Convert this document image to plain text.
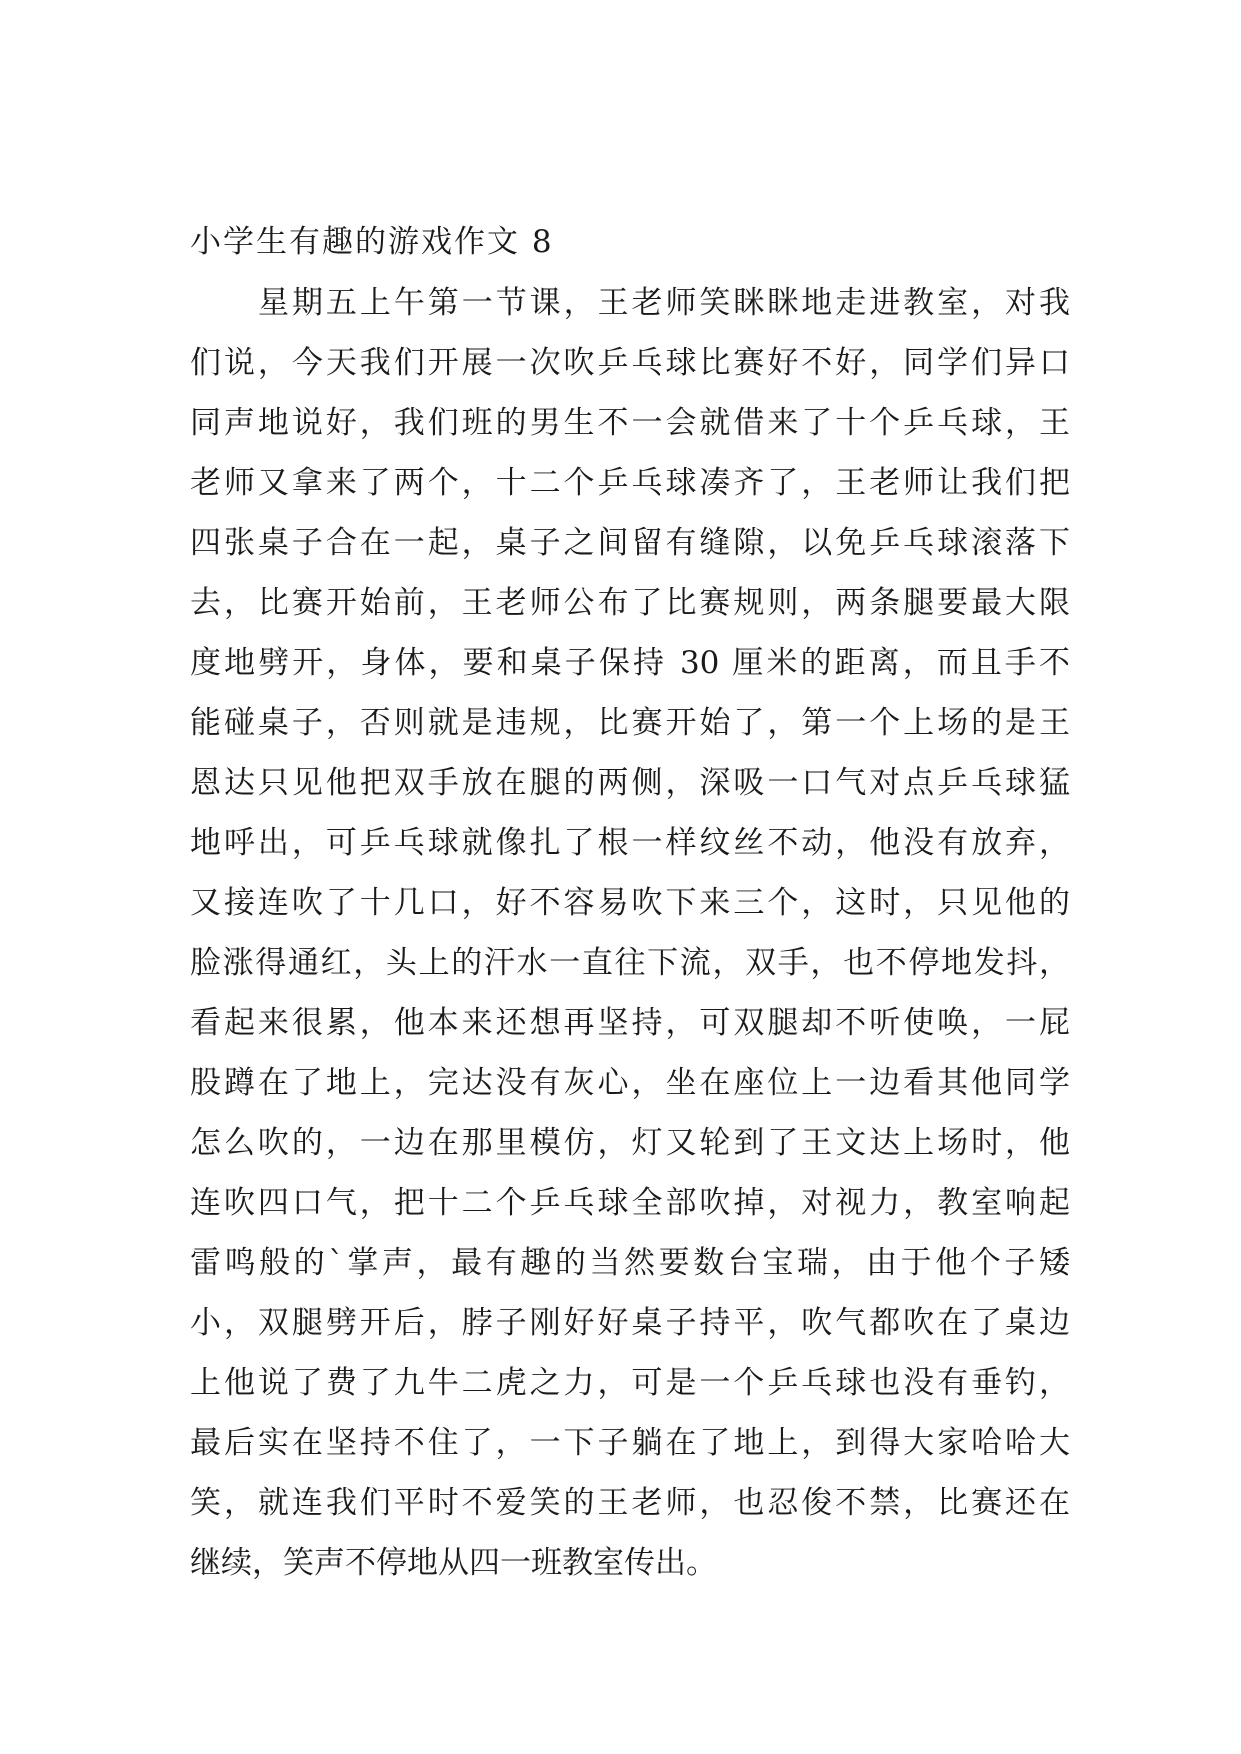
小学生有趣的游戏作文 8
星期五上午第一节课，王老师笑眯眯地走进教室，对我
们说，今天我们开展一次吹乒乓球比赛好不好，同学们异口
同声地说好，我们班的男生不一会就借来了十个乒乓球，王
老师又拿来了两个，十二个乒乓球凑齐了，王老师让我们把
四张桌子合在一起，桌子之间留有缝隙，以免乒乓球滚落下
去，比赛开始前，王老师公布了比赛规则，两条腿要最大限
度地劈开，身体，要和桌子保持 30 厘米的距离，而且手不
能碰桌子，否则就是违规，比赛开始了，第一个上场的是王
恩达只见他把双手放在腿的两侧，深吸一口气对点乒乓球猛
地呼出，可乒乓球就像扎了根一样纹丝不动，他没有放弃，
又接连吹了十几口，好不容易吹下来三个，这时，只见他的
脸涨得通红，头上的汗水一直往下流，双手，也不停地发抖，
看起来很累，他本来还想再坚持，可双腿却不听使唤，一屁
股蹲在了地上，完达没有灰心，坐在座位上一边看其他同学
怎么吹的，一边在那里模仿，灯又轮到了王文达上场时，他
连吹四口气，把十二个乒乓球全部吹掉，对视力，教室响起
雷鸣般的`掌声，最有趣的当然要数台宝瑞，由于他个子矮
小，双腿劈开后，脖子刚好好桌子持平，吹气都吹在了桌边
上他说了费了九牛二虎之力，可是一个乒乓球也没有垂钓，
最后实在坚持不住了，一下子躺在了地上，到得大家哈哈大
笑，就连我们平时不爱笑的王老师，也忍俊不禁，比赛还在
继续，笑声不停地从四一班教室传出。
